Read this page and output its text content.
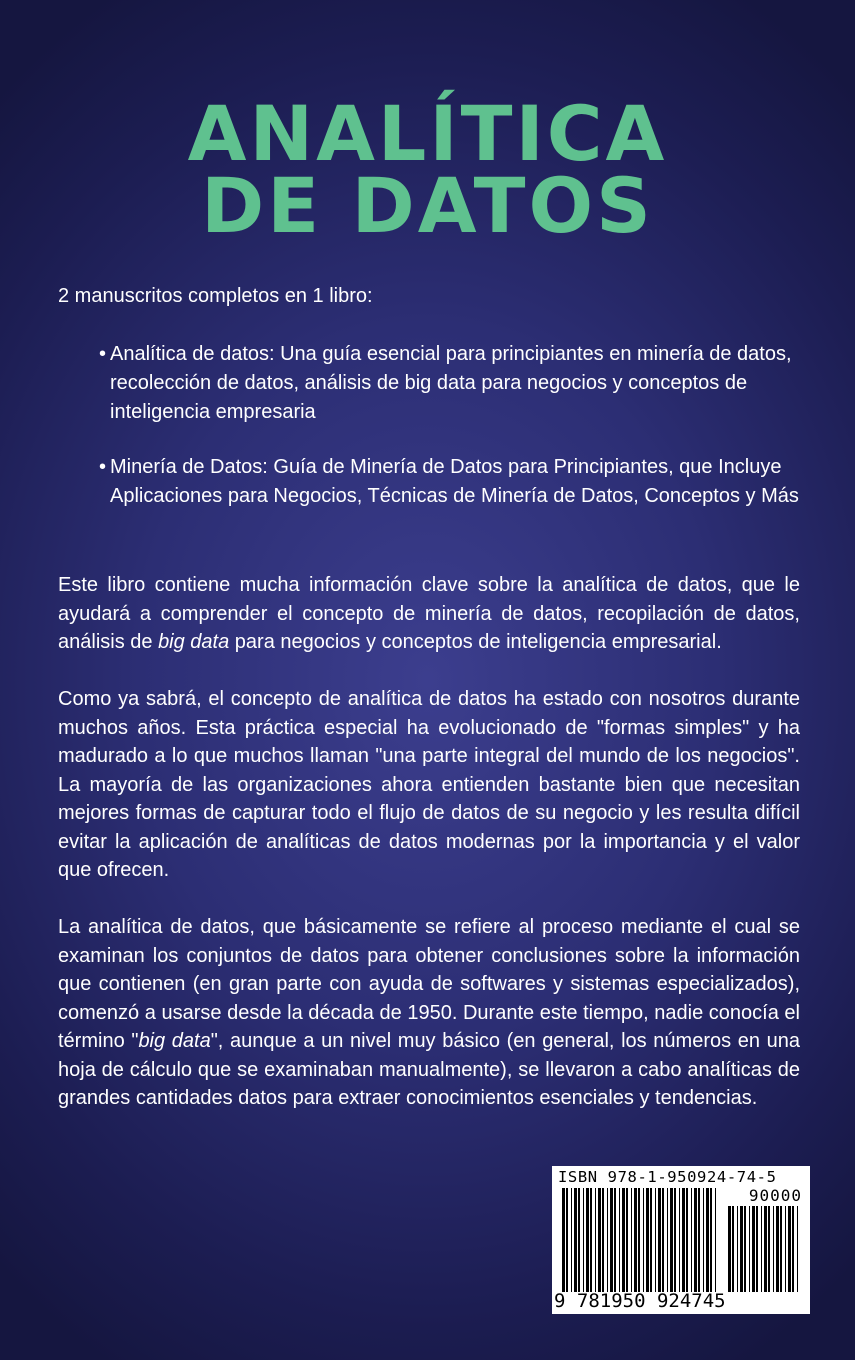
ANALÍTICA
DE DATOS

2 manuscritos completos en 1 libro:

• Analítica de datos: Una guía esencial para principiantes en minería de datos, recolección de datos, análisis de big data para negocios y conceptos de inteligencia empresaria

• Minería de Datos: Guía de Minería de Datos para Principiantes, que Incluye Aplicaciones para Negocios, Técnicas de Minería de Datos, Conceptos y Más

Este libro contiene mucha información clave sobre la analítica de datos, que le ayudará a comprender el concepto de minería de datos, recopilación de datos, análisis de big data para negocios y conceptos de inteligencia empresarial.

Como ya sabrá, el concepto de analítica de datos ha estado con nosotros durante muchos años. Esta práctica especial ha evolucionado de "formas simples" y ha madurado a lo que muchos llaman "una parte integral del mundo de los negocios". La mayoría de las organizaciones ahora entienden bastante bien que necesitan mejores formas de capturar todo el flujo de datos de su negocio y les resulta difícil evitar la aplicación de analíticas de datos modernas por la importancia y el valor que ofrecen.

La analítica de datos, que básicamente se refiere al proceso mediante el cual se examinan los conjuntos de datos para obtener conclusiones sobre la información que contienen (en gran parte con ayuda de softwares y sistemas especializados), comenzó a usarse desde la década de 1950. Durante este tiempo, nadie conocía el término "big data", aunque a un nivel muy básico (en general, los números en una hoja de cálculo que se examinaban manualmente), se llevaron a cabo analíticas de grandes cantidades datos para extraer conocimientos esenciales y tendencias.

ISBN 978-1-950924-74-5
90000
9 781950 924745
